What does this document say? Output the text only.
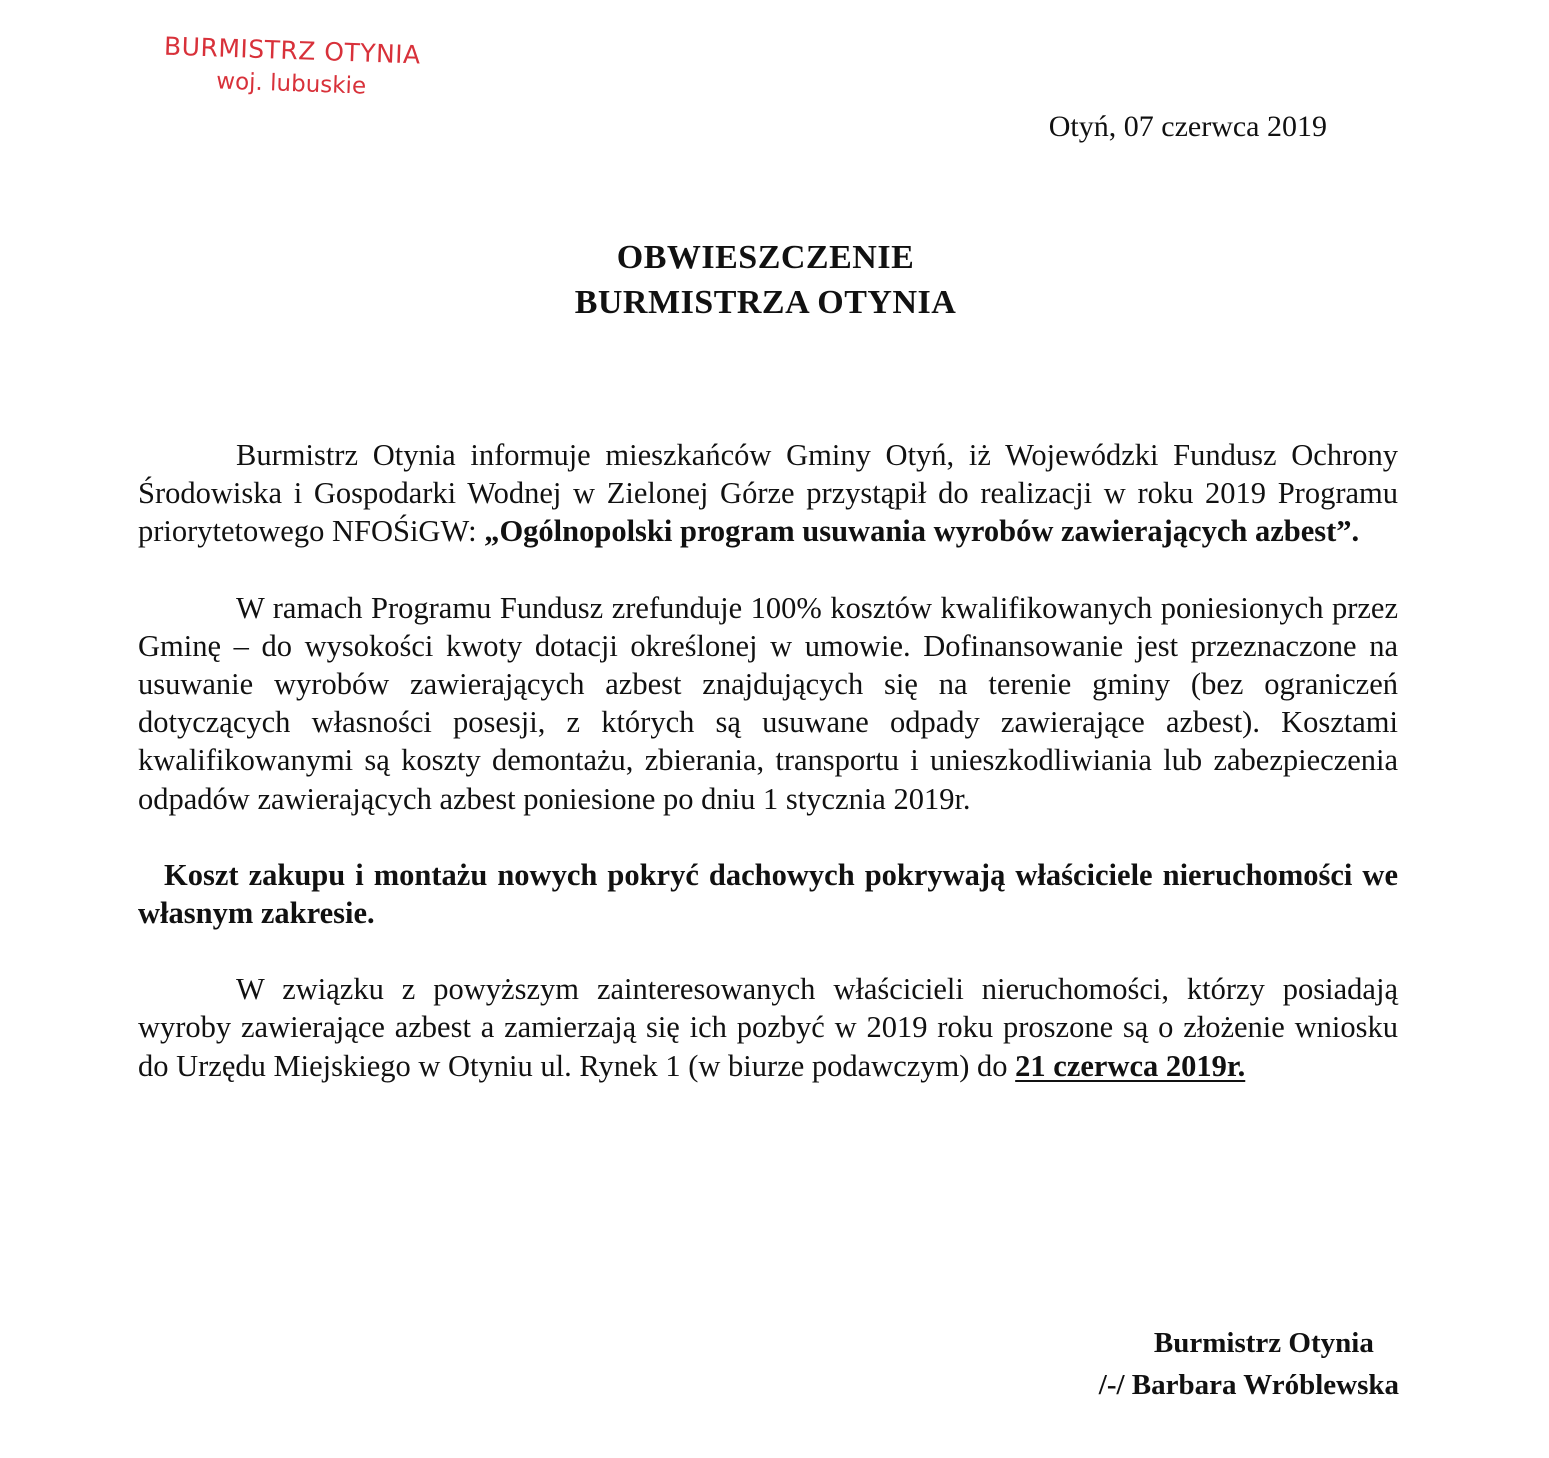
BURMISTRZ OTYNIA
woj. lubuskie
Otyń, 07 czerwca 2019
OBWIESZCZENIE
BURMISTRZA OTYNIA

Burmistrz Otynia informuje mieszkańców Gminy Otyń, iż Wojewódzki Fundusz Ochrony Środowiska i Gospodarki Wodnej w Zielonej Górze przystąpił do realizacji w roku 2019 Programu priorytetowego NFOŚiGW: „Ogólnopolski program usuwania wyrobów zawierających azbest”.

W ramach Programu Fundusz zrefunduje 100% kosztów kwalifikowanych poniesionych przez Gminę – do wysokości kwoty dotacji określonej w umowie. Dofinansowanie jest przeznaczone na usuwanie wyrobów zawierających azbest znajdujących się na terenie gminy (bez ograniczeń dotyczących własności posesji, z których są usuwane odpady zawierające azbest). Kosztami kwalifikowanymi są koszty demontażu, zbierania, transportu i unieszkodliwiania lub zabezpieczenia odpadów zawierających azbest poniesione po dniu 1 stycznia 2019r.

Koszt zakupu i montażu nowych pokryć dachowych pokrywają właściciele nieruchomości we własnym zakresie.

W związku z powyższym zainteresowanych właścicieli nieruchomości, którzy posiadają wyroby zawierające azbest a zamierzają się ich pozbyć w 2019 roku proszone są o złożenie wniosku do Urzędu Miejskiego w Otyniu ul. Rynek 1 (w biurze podawczym) do 21 czerwca 2019r.

Burmistrz Otynia
/-/ Barbara Wróblewska
